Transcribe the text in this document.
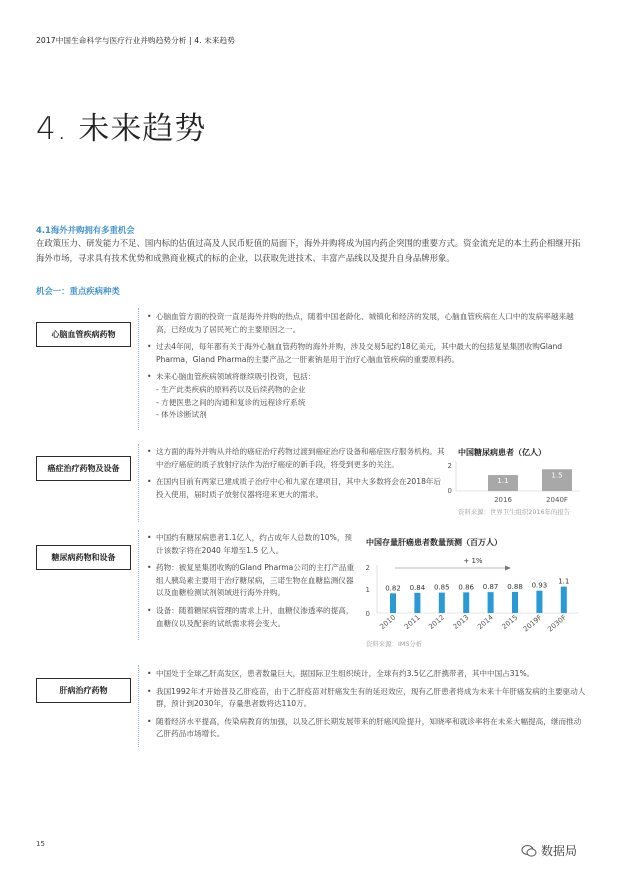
2017中国生命科学与医疗行业并购趋势分析 | 4. 未来趋势
4. 未来趋势
4.1海外并购拥有多重机会
在政策压力、研发能力不足、国内标的估值过高及人民币贬值的局面下，海外并购将成为国内药企突围的重要方式。资金流充足的本土药企相继开拓海外市场，寻求具有技术优势和成熟商业模式的标的企业，以获取先进技术、丰富产品线以及提升自身品牌形象。
机会一：重点疾病种类
心脑血管疾病药物
• 心脑血管方面的投资一直是海外并购的热点，随着中国老龄化、城镇化和经济的发展，心脑血管疾病在人口中的发病率越来越高，已经成为了居民死亡的主要原因之一。
• 过去4年间，每年都有关于海外心脑血管药物的海外并购，涉及交易5起约18亿美元，其中最大的包括复星集团收购Gland Pharma，Gland Pharma的主要产品之一肝素钠是用于治疗心脑血管疾病的重要原料药。
• 未来心脑血管疾病领域将继续吸引投资，包括：
- 生产此类疾病的原料药以及后续药物的企业
- 方便医患之间的沟通和复诊的远程诊疗系统
- 体外诊断试剂
癌症治疗药物及设备
• 这方面的海外并购从并给的癌症治疗药物过渡到癌症治疗设备和癌症医疗服务机构。其中治疗癌症的质子放射疗法作为治疗癌症的新手段，将受到更多的关注。
• 在国内目前有两家已建成质子治疗中心和九家在建项目，其中大多数将会在2018年后投入使用，届时质子放射仪器将迎来更大的需求。
中国糖尿病患者（亿人）
0
2
1.1
1.5
2016	2040F
资料来源：世界卫生组织2016年的报告
糖尿病药物和设备
• 中国约有糖尿病患者1.1亿人，约占成年人总数的10%，预计该数字将在2040 年增至1.5 亿人。
• 药物：被复星集团收购的Gland Pharma公司的主打产品重组人胰岛素主要用于治疗糖尿病，三诺生物在血糖监测仪器以及血糖检测试剂领域进行海外并购。
• 设备：随着糖尿病管理的需求上升，血糖仪渗透率的提高，血糖仪以及配套的试纸需求将会变大。
中国存量肝癌患者数量预测（百万人）
0
1
2
+ 1%
0.82 0.84 0.85 0.86 0.87 0.88 0.93
1.1
2010 2011 2012 2013 2014 2015 2019F 2030F
资料来源：IMS分析
肝病治疗药物
• 中国处于全球乙肝高发区，患者数量巨大，据国际卫生组织统计，全球有约3.5亿乙肝携带者，其中中国占31%。
• 我国1992年才开始普及乙肝疫苗，由于乙肝疫苗对肝癌发生有的延迟效应，现有乙肝患者将成为未来十年肝癌发病的主要驱动人群，预计到2030年，存量患者数将达110万。
• 随着经济水平提高，传染病教育的加强，以及乙肝长期发展带来的肝癌风险提升，知晓率和就诊率将在未来大幅提高，继而推动乙肝药品市场增长。
15	数据局
